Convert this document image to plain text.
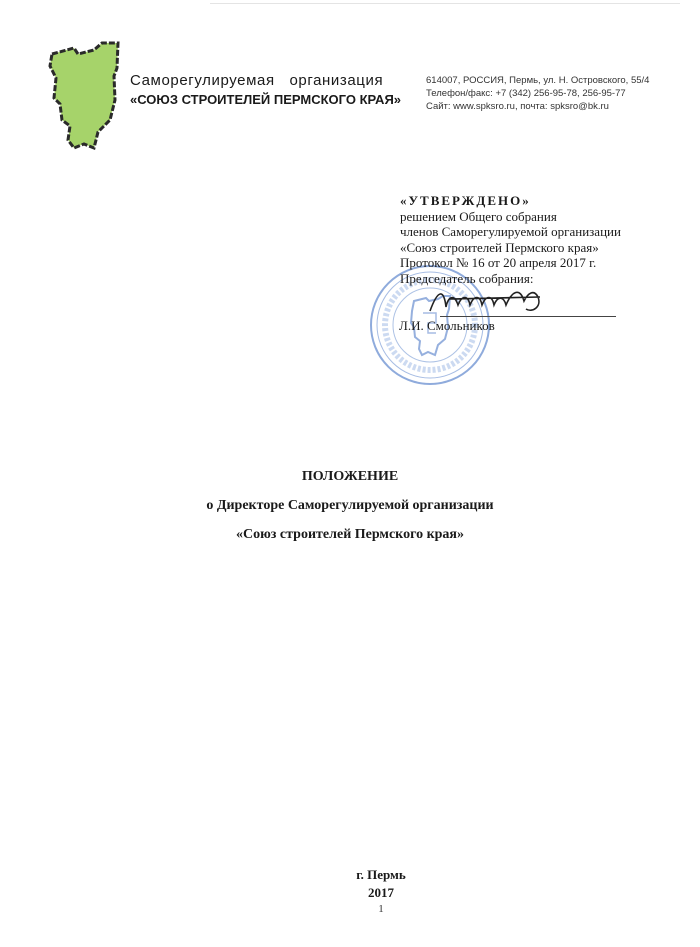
Саморегулируемая организация
«СОЮЗ СТРОИТЕЛЕЙ ПЕРМСКОГО КРАЯ»
614007, РОССИЯ, Пермь, ул. Н. Островского, 55/4
Телефон/факс: +7 (342) 256-95-78, 256-95-77
Сайт: www.spksro.ru, почта: spksro@bk.ru
«УТВЕРЖДЕНО»
решением Общего собрания
членов Саморегулируемой организации
«Союз строителей Пермского края»
Протокол № 16 от 20 апреля 2017 г.
Председатель собрания:
Л.И. Смольников
ПОЛОЖЕНИЕ
о Директоре Саморегулируемой организации
«Союз строителей Пермского края»
г. Пермь
2017
1
